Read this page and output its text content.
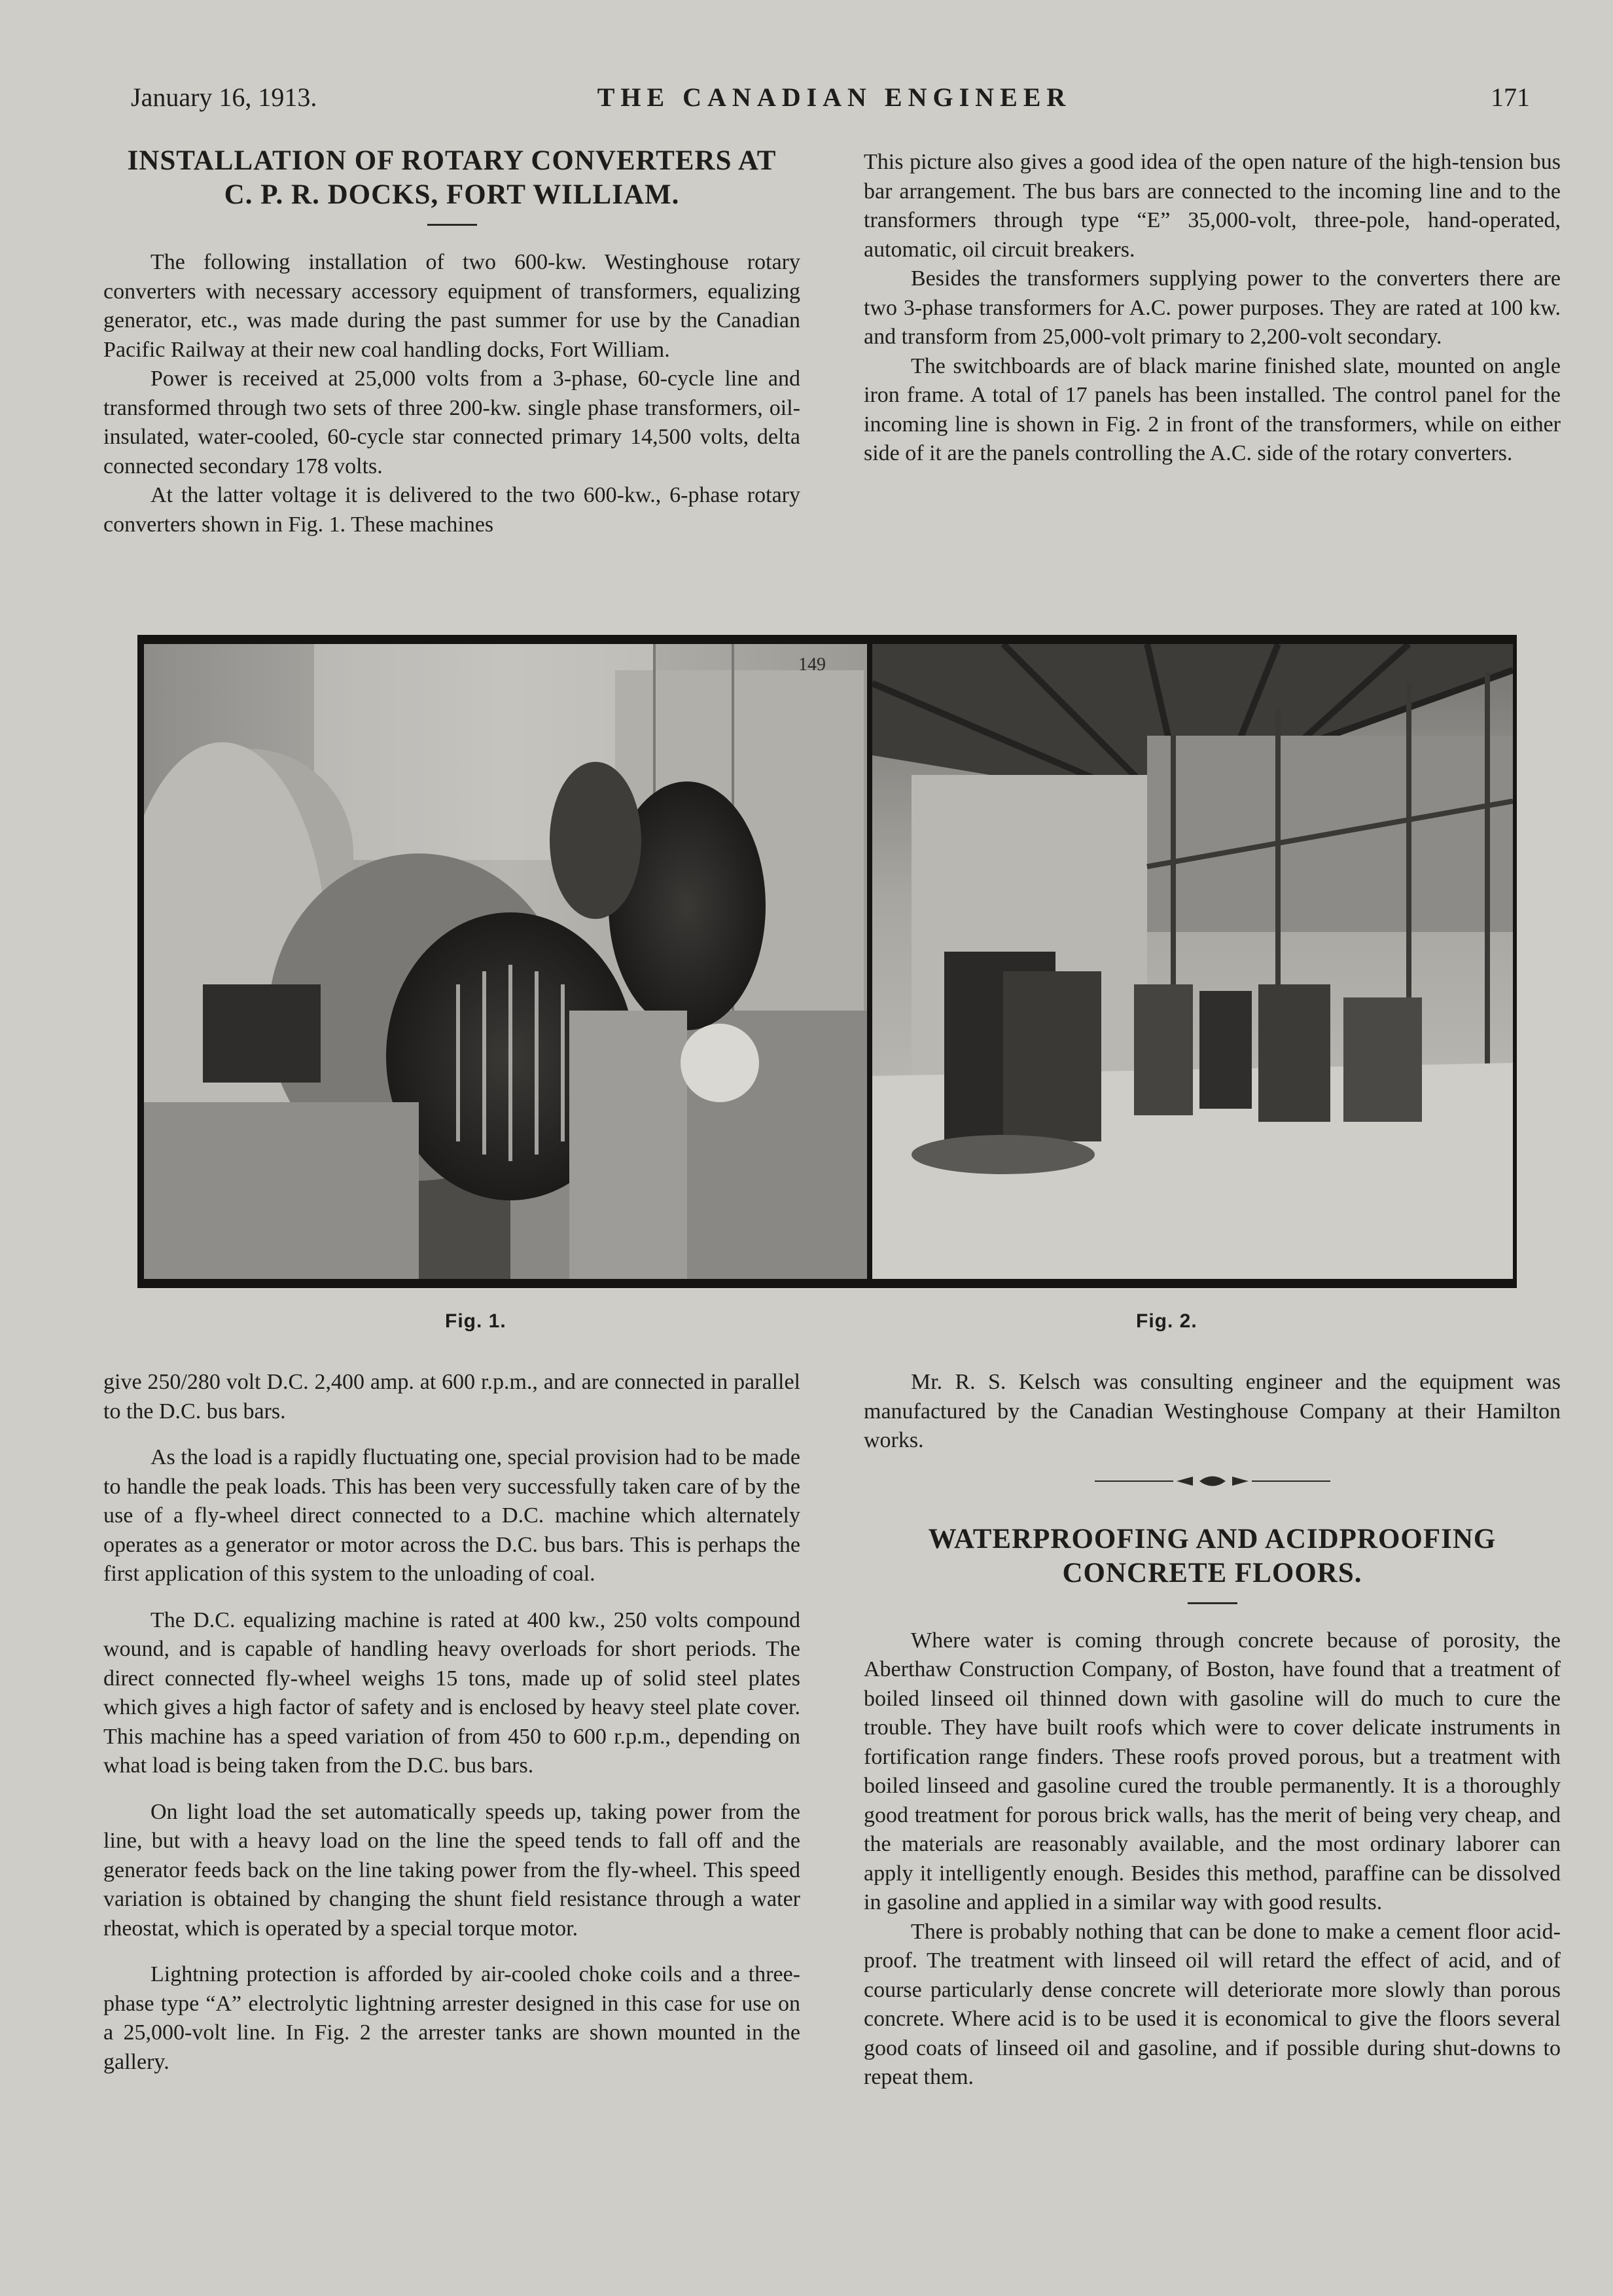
January 16, 1913.	THE CANADIAN ENGINEER	171
INSTALLATION OF ROTARY CONVERTERS AT
C. P. R. DOCKS, FORT WILLIAM.

The following installation of two 600-kw. Westinghouse rotary converters with necessary accessory equipment of transformers, equalizing generator, etc., was made during the past summer for use by the Canadian Pacific Railway at their new coal handling docks, Fort William.

Power is received at 25,000 volts from a 3-phase, 60-cycle line and transformed through two sets of three 200-kw. single phase transformers, oil-insulated, water-cooled, 60-cycle star connected primary 14,500 volts, delta connected secondary 178 volts.

At the latter voltage it is delivered to the two 600-kw., 6-phase rotary converters shown in Fig. 1. These machines

This picture also gives a good idea of the open nature of the high-tension bus bar arrangement. The bus bars are connected to the incoming line and to the transformers through type “E” 35,000-volt, three-pole, hand-operated, automatic, oil circuit breakers.

Besides the transformers supplying power to the converters there are two 3-phase transformers for A.C. power purposes. They are rated at 100 kw. and transform from 25,000-volt primary to 2,200-volt secondary.

The switchboards are of black marine finished slate, mounted on angle iron frame. A total of 17 panels has been installed. The control panel for the incoming line is shown in Fig. 2 in front of the transformers, while on either side of it are the panels controlling the A.C. side of the rotary converters.

149
Fig. 1.	Fig. 2.

give 250/280 volt D.C. 2,400 amp. at 600 r.p.m., and are connected in parallel to the D.C. bus bars.

As the load is a rapidly fluctuating one, special provision had to be made to handle the peak loads. This has been very successfully taken care of by the use of a fly-wheel direct connected to a D.C. machine which alternately operates as a generator or motor across the D.C. bus bars. This is perhaps the first application of this system to the unloading of coal.

The D.C. equalizing machine is rated at 400 kw., 250 volts compound wound, and is capable of handling heavy overloads for short periods. The direct connected fly-wheel weighs 15 tons, made up of solid steel plates which gives a high factor of safety and is enclosed by heavy steel plate cover. This machine has a speed variation of from 450 to 600 r.p.m., depending on what load is being taken from the D.C. bus bars.

On light load the set automatically speeds up, taking power from the line, but with a heavy load on the line the speed tends to fall off and the generator feeds back on the line taking power from the fly-wheel. This speed variation is obtained by changing the shunt field resistance through a water rheostat, which is operated by a special torque motor.

Lightning protection is afforded by air-cooled choke coils and a three-phase type “A” electrolytic lightning arrester designed in this case for use on a 25,000-volt line. In Fig. 2 the arrester tanks are shown mounted in the gallery.

Mr. R. S. Kelsch was consulting engineer and the equipment was manufactured by the Canadian Westinghouse Company at their Hamilton works.

WATERPROOFING AND ACIDPROOFING
CONCRETE FLOORS.

Where water is coming through concrete because of porosity, the Aberthaw Construction Company, of Boston, have found that a treatment of boiled linseed oil thinned down with gasoline will do much to cure the trouble. They have built roofs which were to cover delicate instruments in fortification range finders. These roofs proved porous, but a treatment with boiled linseed and gasoline cured the trouble permanently. It is a thoroughly good treatment for porous brick walls, has the merit of being very cheap, and the materials are reasonably available, and the most ordinary laborer can apply it intelligently enough. Besides this method, paraffine can be dissolved in gasoline and applied in a similar way with good results.

There is probably nothing that can be done to make a cement floor acid-proof. The treatment with linseed oil will retard the effect of acid, and of course particularly dense concrete will deteriorate more slowly than porous concrete. Where acid is to be used it is economical to give the floors several good coats of linseed oil and gasoline, and if possible during shut-downs to repeat them.
